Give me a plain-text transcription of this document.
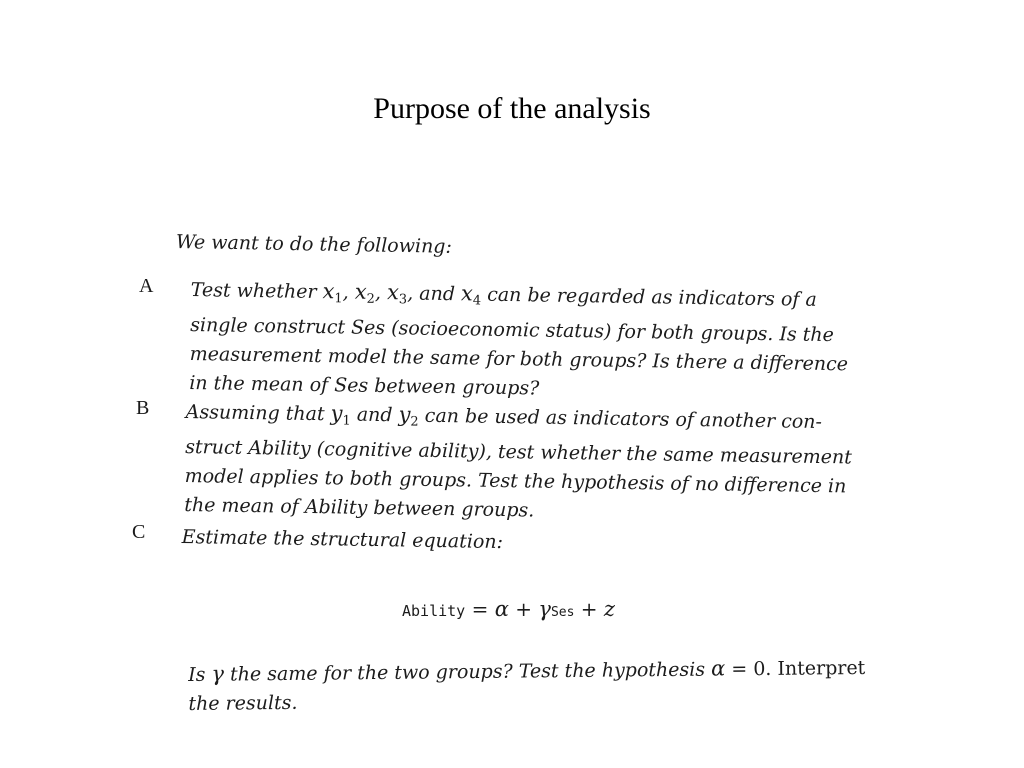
Purpose of the analysis
We want to do the following:
A Test whether $x_1$, $x_2$, $x_3$, and $x_4$ can be regarded as indicators of a
single construct Ses (socioeconomic status) for both groups. Is the
measurement model the same for both groups? Is there a difference
in the mean of Ses between groups?
B Assuming that $y_1$ and $y_2$ can be used as indicators of another con-
struct Ability (cognitive ability), test whether the same measurement
model applies to both groups. Test the hypothesis of no difference in
the mean of Ability between groups.
C Estimate the structural equation:
Ability = α + γSes + z
Is γ the same for the two groups? Test the hypothesis α = 0. Interpret
the results.
